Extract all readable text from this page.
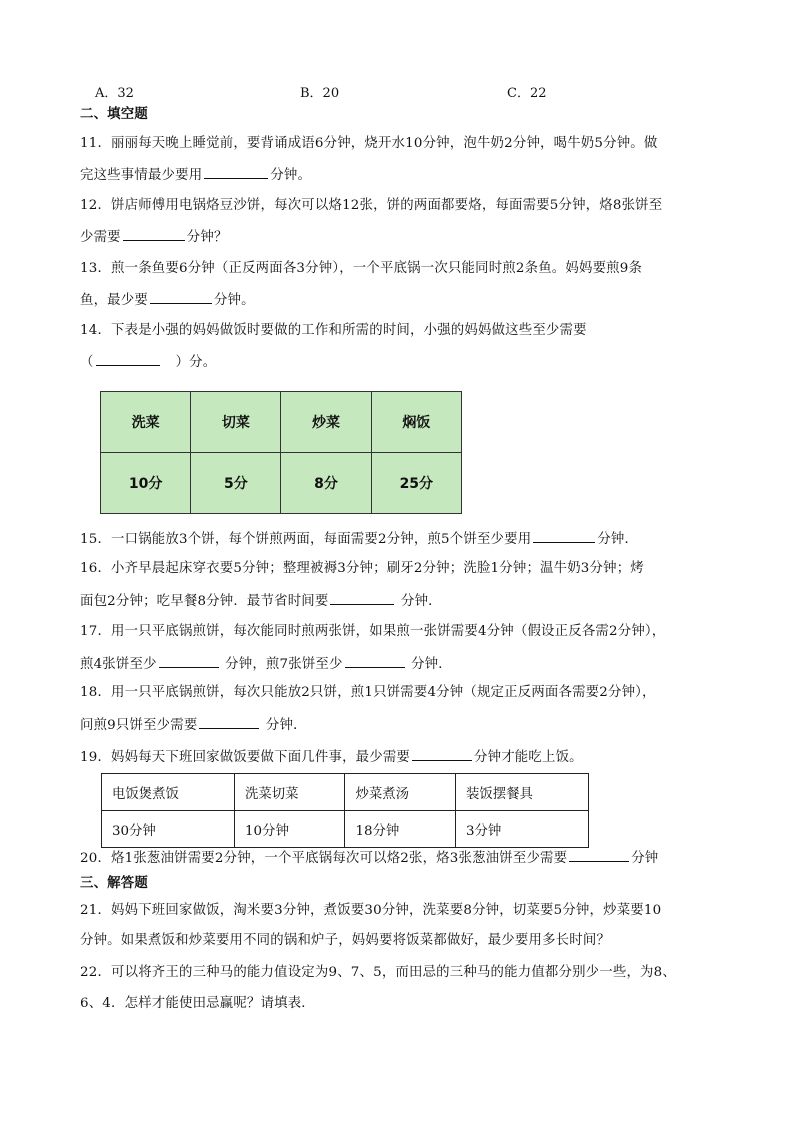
A．32	B．20	C．22
二、填空题
11．丽丽每天晚上睡觉前，要背诵成语6分钟，烧开水10分钟，泡牛奶2分钟，喝牛奶5分钟。做
完这些事情最少要用	分钟。
12．饼店师傅用电锅烙豆沙饼，每次可以烙12张，饼的两面都要烙，每面需要5分钟，烙8张饼至
少需要	分钟？
13．煎一条鱼要6分钟（正反两面各3分钟），一个平底锅一次只能同时煎2条鱼。妈妈要煎9条
鱼，最少要	分钟。
14．下表是小强的妈妈做饭时要做的工作和所需的时间，小强的妈妈做这些至少需要
（	）分。
洗菜	切菜	炒菜	焖饭
10分	5分	8分	25分
15．一口锅能放3个饼，每个饼煎两面，每面需要2分钟，煎5个饼至少要用	分钟．
16．小齐早晨起床穿衣要5分钟；整理被褥3分钟；刷牙2分钟；洗脸1分钟；温牛奶3分钟；烤
面包2分钟；吃早餐8分钟．最节省时间要	分钟．
17．用一只平底锅煎饼，每次能同时煎两张饼，如果煎一张饼需要4分钟（假设正反各需2分钟），
煎4张饼至少	分钟，煎7张饼至少	分钟．
18．用一只平底锅煎饼，每次只能放2只饼，煎1只饼需要4分钟（规定正反两面各需要2分钟），
问煎9只饼至少需要	分钟．
19．妈妈每天下班回家做饭要做下面几件事，最少需要	分钟才能吃上饭。
电饭煲煮饭	洗菜切菜	炒菜煮汤	装饭摆餐具
30分钟	10分钟	18分钟	3分钟
20．烙1张葱油饼需要2分钟，一个平底锅每次可以烙2张，烙3张葱油饼至少需要	分钟
三、解答题
21．妈妈下班回家做饭，淘米要3分钟，煮饭要30分钟，洗菜要8分钟，切菜要5分钟，炒菜要10
分钟。如果煮饭和炒菜要用不同的锅和炉子，妈妈要将饭菜都做好，最少要用多长时间？
22．可以将齐王的三种马的能力值设定为9、7、5，而田忌的三种马的能力值都分别少一些，为8、
6、4．怎样才能使田忌赢呢？请填表．
